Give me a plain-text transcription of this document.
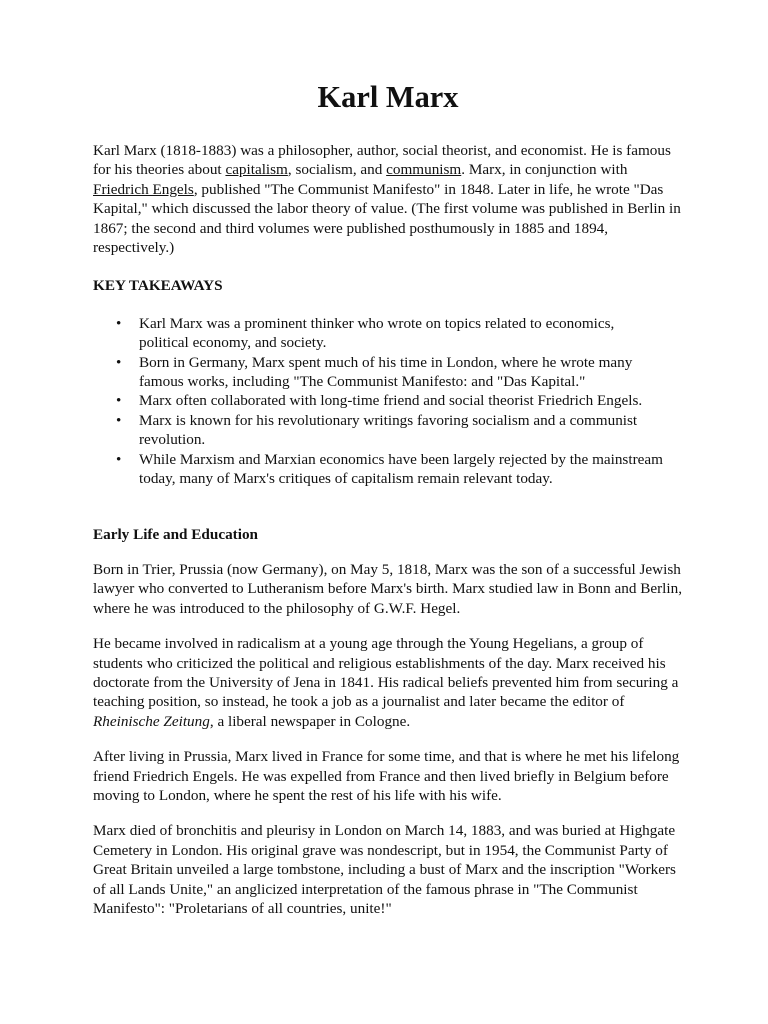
Karl Marx

Karl Marx (1818-1883) was a philosopher, author, social theorist, and economist. He is famous for his theories about capitalism, socialism, and communism. Marx, in conjunction with Friedrich Engels, published "The Communist Manifesto" in 1848. Later in life, he wrote "Das Kapital," which discussed the labor theory of value. (The first volume was published in Berlin in 1867; the second and third volumes were published posthumously in 1885 and 1894, respectively.)

KEY TAKEAWAYS

• Karl Marx was a prominent thinker who wrote on topics related to economics, political economy, and society.
• Born in Germany, Marx spent much of his time in London, where he wrote many famous works, including "The Communist Manifesto: and "Das Kapital."
• Marx often collaborated with long-time friend and social theorist Friedrich Engels.
• Marx is known for his revolutionary writings favoring socialism and a communist revolution.
• While Marxism and Marxian economics have been largely rejected by the mainstream today, many of Marx's critiques of capitalism remain relevant today.

Early Life and Education

Born in Trier, Prussia (now Germany), on May 5, 1818, Marx was the son of a successful Jewish lawyer who converted to Lutheranism before Marx's birth. Marx studied law in Bonn and Berlin, where he was introduced to the philosophy of G.W.F. Hegel.

He became involved in radicalism at a young age through the Young Hegelians, a group of students who criticized the political and religious establishments of the day. Marx received his doctorate from the University of Jena in 1841. His radical beliefs prevented him from securing a teaching position, so instead, he took a job as a journalist and later became the editor of Rheinische Zeitung, a liberal newspaper in Cologne.

After living in Prussia, Marx lived in France for some time, and that is where he met his lifelong friend Friedrich Engels. He was expelled from France and then lived briefly in Belgium before moving to London, where he spent the rest of his life with his wife.

Marx died of bronchitis and pleurisy in London on March 14, 1883, and was buried at Highgate Cemetery in London. His original grave was nondescript, but in 1954, the Communist Party of Great Britain unveiled a large tombstone, including a bust of Marx and the inscription "Workers of all Lands Unite," an anglicized interpretation of the famous phrase in "The Communist Manifesto": "Proletarians of all countries, unite!"
